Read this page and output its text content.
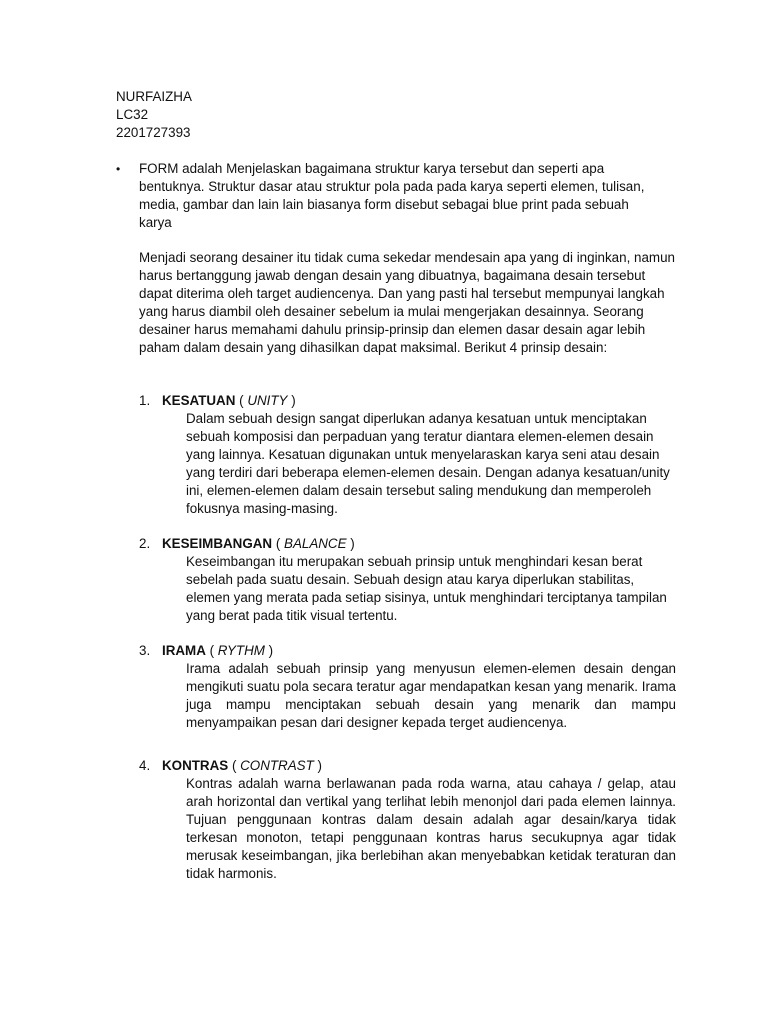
NURFAIZHA
LC32
2201727393
•	FORM adalah Menjelaskan bagaimana struktur karya tersebut dan seperti apa bentuknya. Struktur dasar atau struktur pola pada pada karya seperti elemen, tulisan, media, gambar dan lain lain biasanya form disebut sebagai blue print pada sebuah karya
Menjadi seorang desainer itu tidak cuma sekedar mendesain apa yang di inginkan, namun harus bertanggung jawab dengan desain yang dibuatnya, bagaimana desain tersebut dapat diterima oleh target audiencenya. Dan yang pasti hal tersebut mempunyai langkah yang harus diambil oleh desainer sebelum ia mulai mengerjakan desainnya. Seorang desainer harus memahami dahulu prinsip-prinsip dan elemen dasar desain agar lebih paham dalam desain yang dihasilkan dapat maksimal. Berikut 4 prinsip desain:
1. KESATUAN ( UNITY )
Dalam sebuah design sangat diperlukan adanya kesatuan untuk menciptakan sebuah komposisi dan perpaduan yang teratur diantara elemen-elemen desain yang lainnya. Kesatuan digunakan untuk menyelaraskan karya seni atau desain yang terdiri dari beberapa elemen-elemen desain. Dengan adanya kesatuan/unity ini, elemen-elemen dalam desain tersebut saling mendukung dan memperoleh fokusnya masing-masing.
2. KESEIMBANGAN ( BALANCE )
Keseimbangan itu merupakan sebuah prinsip untuk menghindari kesan berat sebelah pada suatu desain. Sebuah design atau karya diperlukan stabilitas, elemen yang merata pada setiap sisinya, untuk menghindari terciptanya tampilan yang berat pada titik visual tertentu.
3. IRAMA ( RYTHM )
Irama adalah sebuah prinsip yang menyusun elemen-elemen desain dengan mengikuti suatu pola secara teratur agar mendapatkan kesan yang menarik. Irama juga mampu menciptakan sebuah desain yang menarik dan mampu menyampaikan pesan dari designer kepada terget audiencenya.
4. KONTRAS ( CONTRAST )
Kontras adalah warna berlawanan pada roda warna, atau cahaya / gelap, atau arah horizontal dan vertikal yang terlihat lebih menonjol dari pada elemen lainnya. Tujuan penggunaan kontras dalam desain adalah agar desain/karya tidak terkesan monoton, tetapi penggunaan kontras harus secukupnya agar tidak merusak keseimbangan, jika berlebihan akan menyebabkan ketidak teraturan dan tidak harmonis.
